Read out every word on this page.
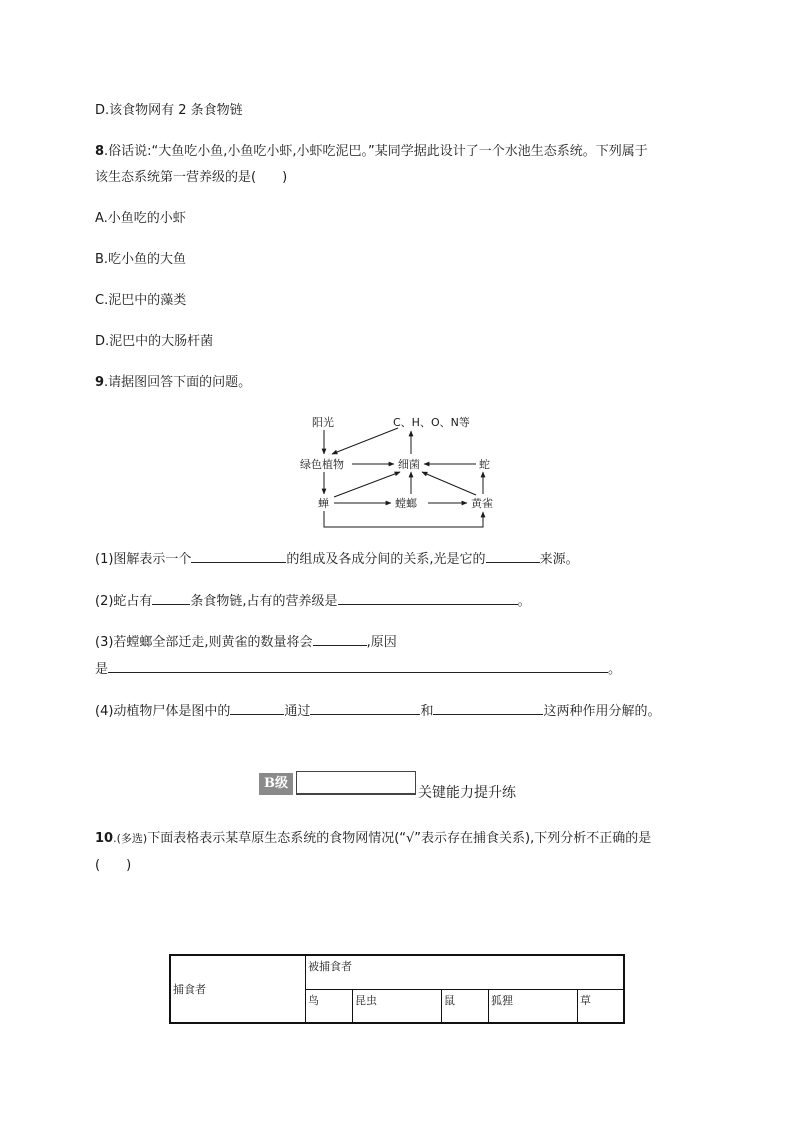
D.该食物网有 2 条食物链
8.俗话说:“大鱼吃小鱼,小鱼吃小虾,小虾吃泥巴。”某同学据此设计了一个水池生态系统。下列属于
该生态系统第一营养级的是(　　)
A.小鱼吃的小虾
B.吃小鱼的大鱼
C.泥巴中的藻类
D.泥巴中的大肠杆菌
9.请据图回答下面的问题。
阳光	C、H、O、N等
绿色植物	细菌	蛇
蝉	螳螂	黄雀
(1)图解表示一个	的组成及各成分间的关系,光是它的	来源。
(2)蛇占有	条食物链,占有的营养级是	。
(3)若螳螂全部迁走,则黄雀的数量将会	,原因
是	。
(4)动植物尸体是图中的	通过	和	这两种作用分解的。
B级
关键能力提升练
10.(多选)下面表格表示某草原生态系统的食物网情况(“√”表示存在捕食关系),下列分析不正确的是
(　　)
捕食者	被捕食者				
	鸟	昆虫	鼠	狐狸	草
